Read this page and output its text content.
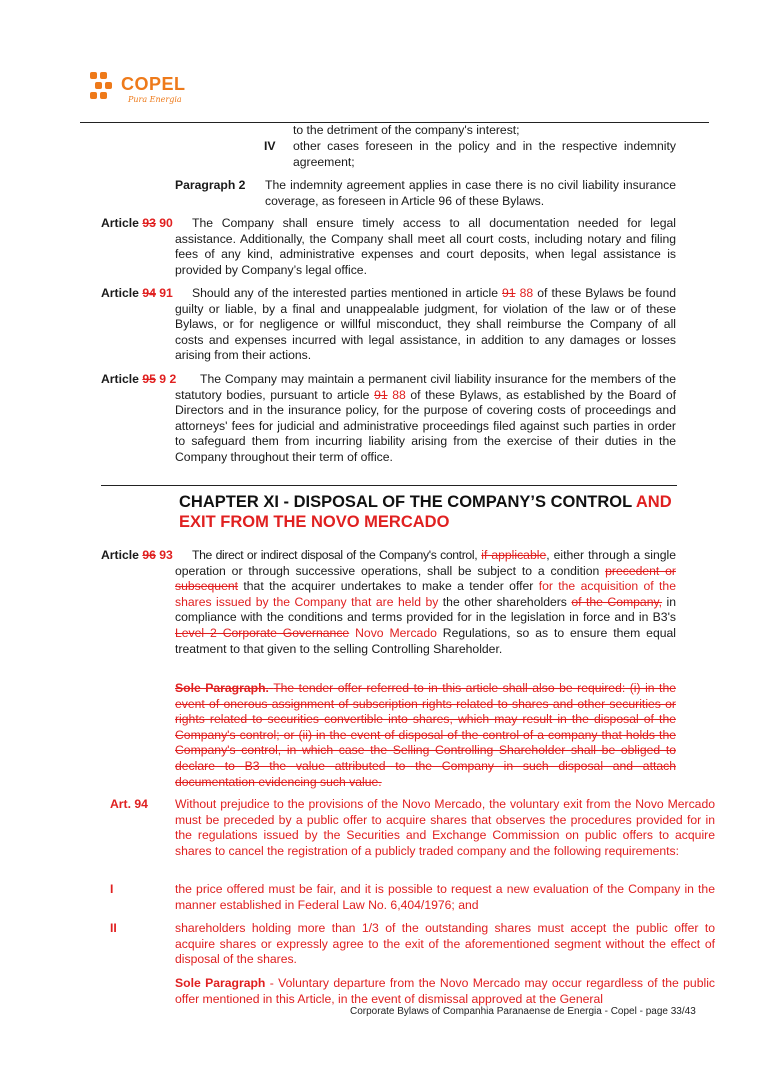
COPEL
Pura Energia
to the detriment of the company's interest;
IV other cases foreseen in the policy and in the respective indemnity agreement;
Paragraph 2 The indemnity agreement applies in case there is no civil liability insurance coverage, as foreseen in Article 96 of these Bylaws.
Article 93 90	The Company shall ensure timely access to all documentation needed for legal assistance. Additionally, the Company shall meet all court costs, including notary and filing fees of any kind, administrative expenses and court deposits, when legal assistance is provided by Company’s legal office.
Article 94 91	Should any of the interested parties mentioned in article 91 88 of these Bylaws be found guilty or liable, by a final and unappealable judgment, for violation of the law or of these Bylaws, or for negligence or willful misconduct, they shall reimburse the Company of all costs and expenses incurred with legal assistance, in addition to any damages or losses arising from their actions.
Article 95 9 2	The Company may maintain a permanent civil liability insurance for the members of the statutory bodies, pursuant to article 91 88 of these Bylaws, as established by the Board of Directors and in the insurance policy, for the purpose of covering costs of proceedings and attorneys' fees for judicial and administrative proceedings filed against such parties in order to safeguard them from incurring liability arising from the exercise of their duties in the Company throughout their term of office.
CHAPTER XI - DISPOSAL OF THE COMPANY’S CONTROL AND
EXIT FROM THE NOVO MERCADO
Article 96 93	The direct or indirect disposal of the Company's control, if applicable, either through a single operation or through successive operations, shall be subject to a condition precedent or subsequent that the acquirer undertakes to make a tender offer for the acquisition of the shares issued by the Company that are held by the other shareholders of the Company, in compliance with the conditions and terms provided for in the legislation in force and in B3's Level 2 Corporate Governance Novo Mercado Regulations, so as to ensure them equal treatment to that given to the selling Controlling Shareholder.
Sole Paragraph. The tender offer referred to in this article shall also be required: (i) in the event of onerous assignment of subscription rights related to shares and other securities or rights related to securities convertible into shares, which may result in the disposal of the Company's control; or (ii) in the event of disposal of the control of a company that holds the Company's control, in which case the Selling Controlling Shareholder shall be obliged to declare to B3 the value attributed to the Company in such disposal and attach documentation evidencing such value.
Art. 94 Without prejudice to the provisions of the Novo Mercado, the voluntary exit from the Novo Mercado must be preceded by a public offer to acquire shares that observes the procedures provided for in the regulations issued by the Securities and Exchange Commission on public offers to acquire shares to cancel the registration of a publicly traded company and the following requirements:
I	the price offered must be fair, and it is possible to request a new evaluation of the Company in the manner established in Federal Law No. 6,404/1976; and
II	shareholders holding more than 1/3 of the outstanding shares must accept the public offer to acquire shares or expressly agree to the exit of the aforementioned segment without the effect of disposal of the shares.
Sole Paragraph - Voluntary departure from the Novo Mercado may occur regardless of the public offer mentioned in this Article, in the event of dismissal approved at the General
Corporate Bylaws of Companhia Paranaense de Energia - Copel - page 33/43
